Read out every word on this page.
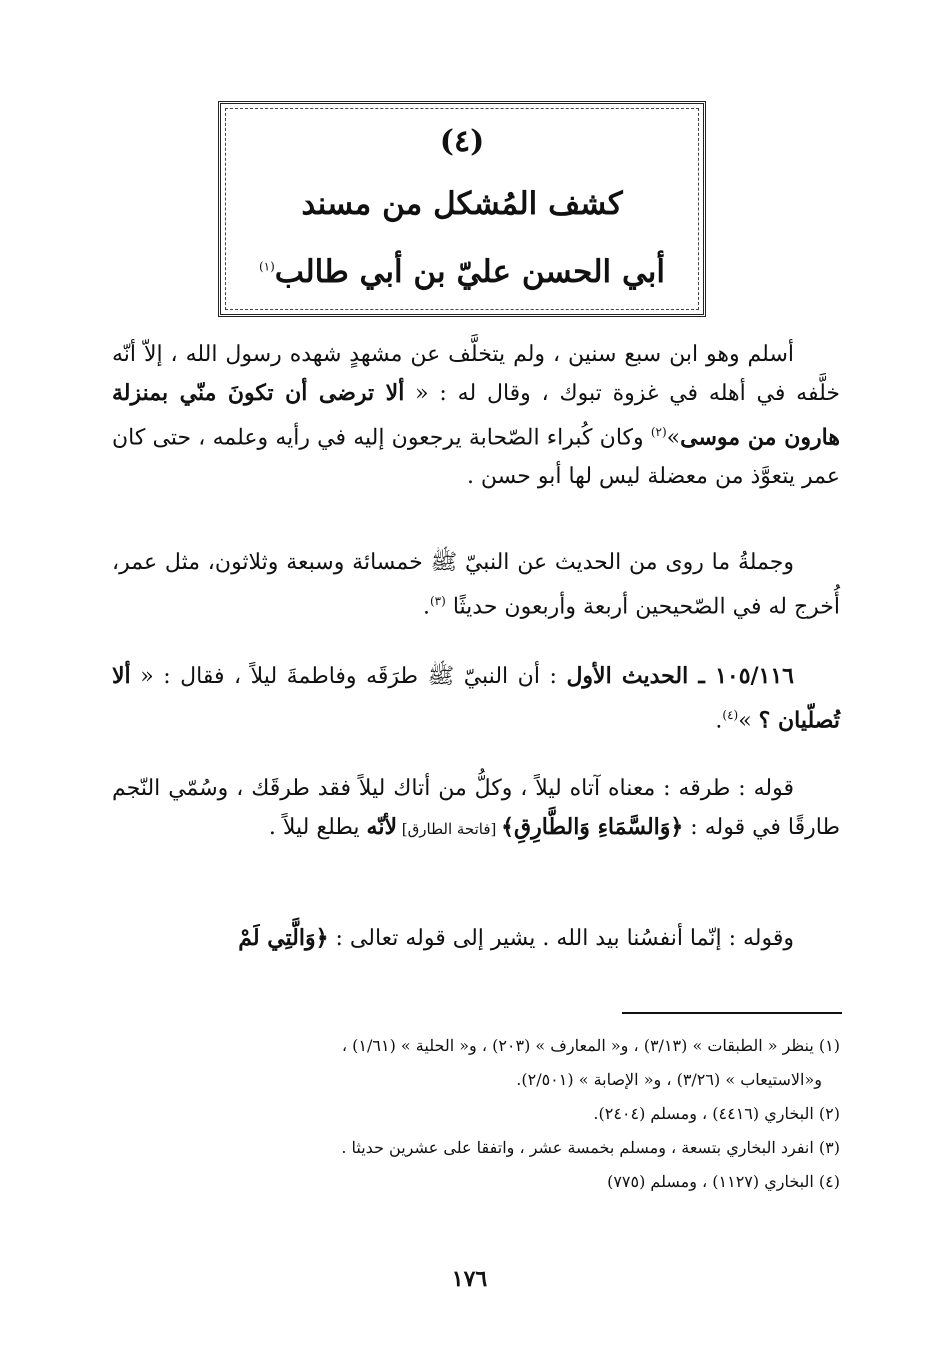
(٤)
كشف المُشكل من مسند
أبي الحسن عليّ بن أبي طالب$^{(١)}$
أسلم وهو ابن سبع سنين ، ولم يتخلَّف عن مشهدٍ شهده رسول الله ، إلاّ أنّه خلَّفه في أهله في غزوة تبوك ، وقال له : « ألا ترضى أن تكونَ منّي بمنزلة هارون من موسى»$^{(٢)}$ وكان كُبراء الصّحابة يرجعون إليه في رأيه وعلمه ، حتى كان عمر يتعوَّذ من معضلة ليس لها أبو حسن .
وجملةُ ما روى من الحديث عن النبيّ ﷺ خمسائة وسبعة وثلاثون، مثل عمر، أُخرج له في الصّحيحين أربعة وأربعون حديثًا $^{(٣)}$.
١٠٥/١١٦ ـ الحديث الأول : أن النبيّ ﷺ طرَقَه وفاطمةَ ليلاً ، فقال : « ألا تُصلّيان ؟ »$^{(٤)}$.
قوله : طرقه : معناه آتاه ليلاً ، وكلُّ من أتاك ليلاً فقد طرقَك ، وسُمّي النّجم طارقًا في قوله : ﴿وَالسَّمَاءِ وَالطَّارِقِ﴾ [فاتحة الطارق] لأنّه يطلع ليلاً .
وقوله : إنّما أنفسُنا بيد الله . يشير إلى قوله تعالى : ﴿وَالَّتِي لَمْ

(١) ينظر « الطبقات » (٣/١٣) ، و« المعارف » (٢٠٣) ، و« الحلية » (١/٦١) ،

و«الاستيعاب » (٣/٢٦) ، و« الإصابة » (٢/٥٠١).

(٢) البخاري (٤٤١٦) ، ومسلم (٢٤٠٤).

(٣) انفرد البخاري بتسعة ، ومسلم بخمسة عشر ، واتفقا على عشرين حديثا .

(٤) البخاري (١١٢٧) ، ومسلم (٧٧٥)

١٧٦
